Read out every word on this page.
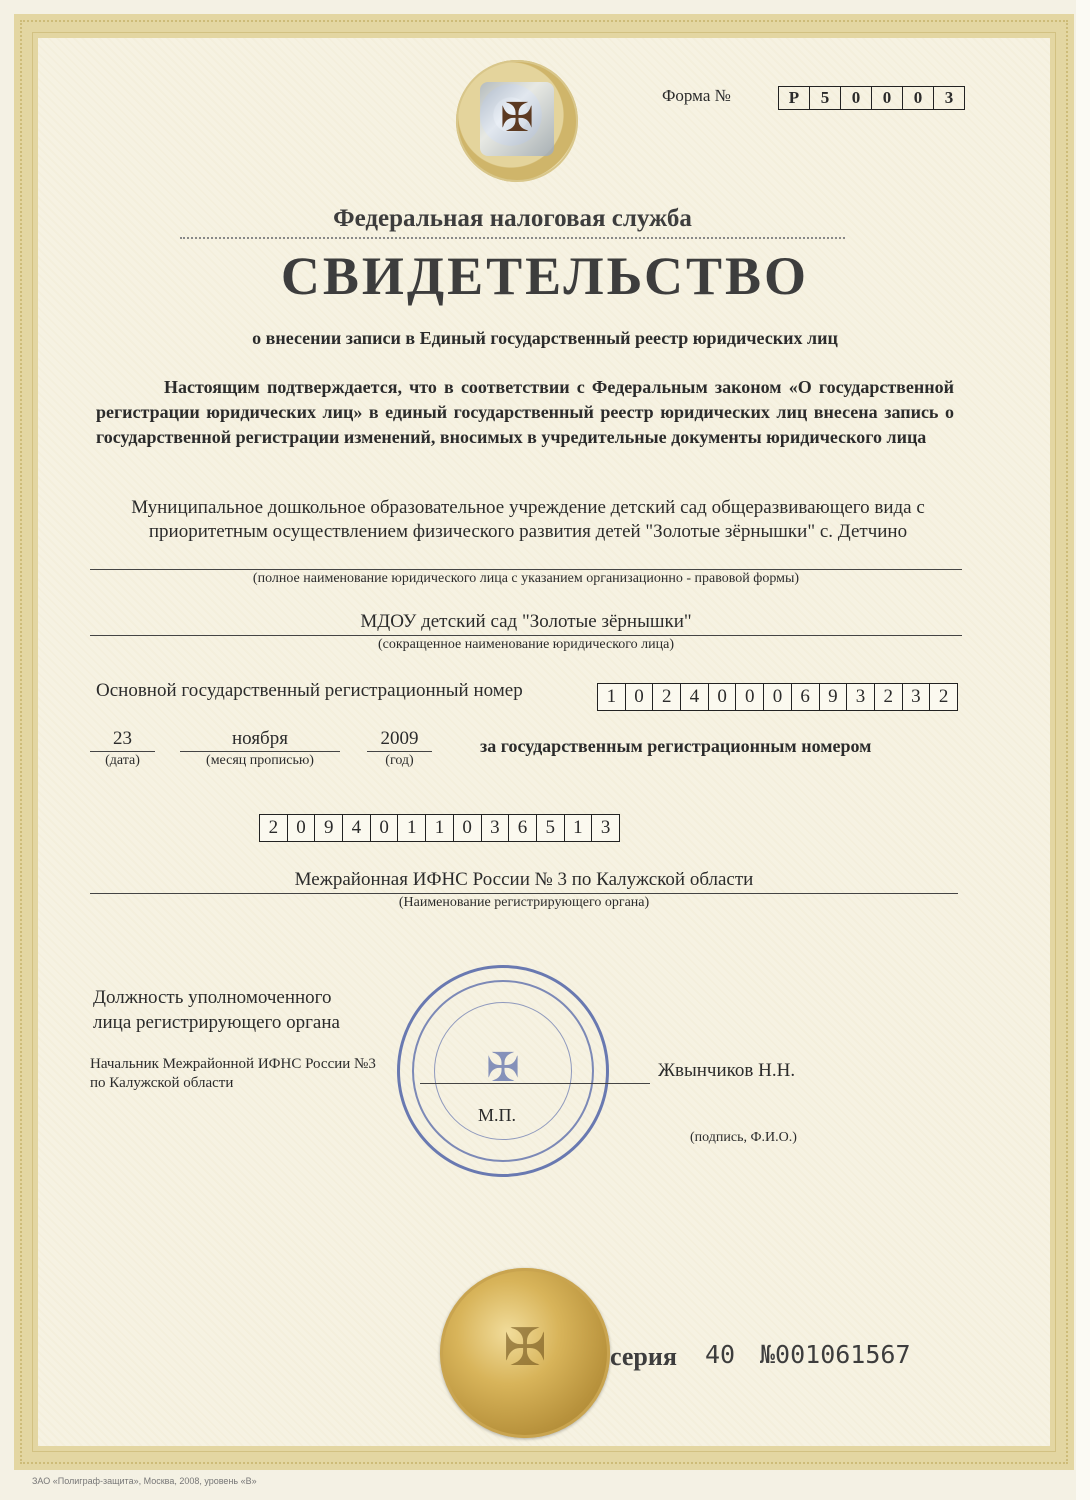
✠	Форма №	Р	5	0	0	0	3
Федеральная налоговая служба
СВИДЕТЕЛЬСТВО
о внесении записи в Единый государственный реестр юридических лиц
Настоящим подтверждается, что в соответствии с Федеральным законом «О государственной регистрации юридических лиц» в единый государственный реестр юридических лиц внесена запись о государственной регистрации изменений, вносимых в учредительные документы юридического лица
Муниципальное дошкольное образовательное учреждение детский сад общеразвивающего вида с приоритетным осуществлением физического развития детей "Золотые зёрнышки" с. Детчино
(полное наименование юридического лица с указанием организационно - правовой формы)
МДОУ детский сад "Золотые зёрнышки"
(сокращенное наименование юридического лица)
Основной государственный регистрационный номер	1 0 2 4 0 0 0 6 9 3 2 3 2
23
(дата)
ноября
(месяц прописью)
2009
(год)
за государственным регистрационным номером
2 0 9 4 0 1 1 0 3 6 5 1 3
Межрайонная ИФНС России № 3 по Калужской области
(Наименование регистрирующего органа)
Должность уполномоченного
лица регистрирующего органа
Начальник Межрайонной ИФНС России №3
по Калужской области	✠	Жвынчиков Н.Н.
М.П.
(подпись, Ф.И.О.)
✠	серия 40 №001061567
ЗАО «Полиграф-защита», Москва, 2008, уровень «В»
